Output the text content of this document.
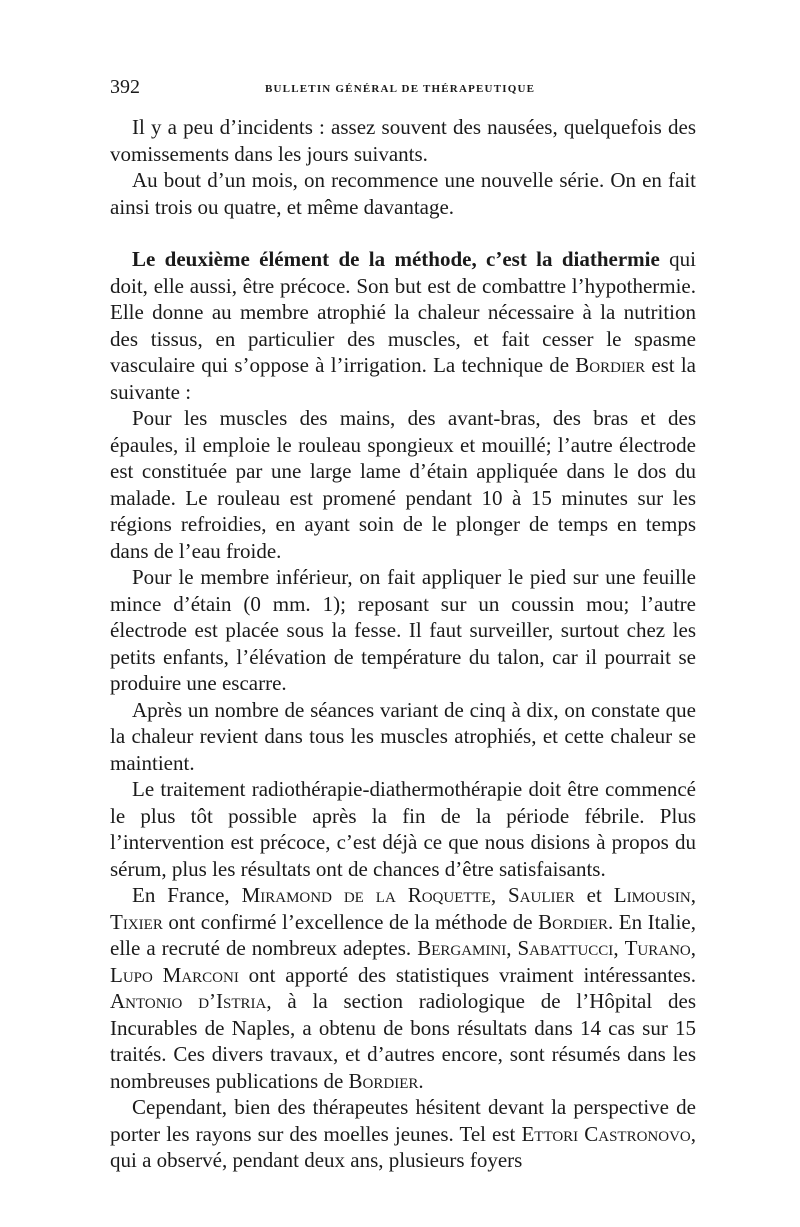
392	BULLETIN GÉNÉRAL DE THÉRAPEUTIQUE

Il y a peu d’incidents : assez souvent des nausées, quelquefois des vomissements dans les jours suivants.

Au bout d’un mois, on recommence une nouvelle série. On en fait ainsi trois ou quatre, et même davantage.

Le deuxième élément de la méthode, c’est la diathermie qui doit, elle aussi, être précoce. Son but est de combattre l’hypothermie. Elle donne au membre atrophié la chaleur nécessaire à la nutrition des tissus, en particulier des muscles, et fait cesser le spasme vasculaire qui s’oppose à l’irrigation. La technique de Bordier est la suivante :

Pour les muscles des mains, des avant-bras, des bras et des épaules, il emploie le rouleau spongieux et mouillé; l’autre électrode est constituée par une large lame d’étain appliquée dans le dos du malade. Le rouleau est promené pendant 10 à 15 minutes sur les régions refroidies, en ayant soin de le plonger de temps en temps dans de l’eau froide.

Pour le membre inférieur, on fait appliquer le pied sur une feuille mince d’étain (0 mm. 1); reposant sur un coussin mou; l’autre électrode est placée sous la fesse. Il faut surveiller, surtout chez les petits enfants, l’élévation de température du talon, car il pourrait se produire une escarre.

Après un nombre de séances variant de cinq à dix, on constate que la chaleur revient dans tous les muscles atrophiés, et cette chaleur se maintient.

Le traitement radiothérapie-diathermothérapie doit être commencé le plus tôt possible après la fin de la période fébrile. Plus l’intervention est précoce, c’est déjà ce que nous disions à propos du sérum, plus les résultats ont de chances d’être satisfaisants.

En France, Miramond de la Roquette, Saulier et Limousin, Tixier ont confirmé l’excellence de la méthode de Bordier. En Italie, elle a recruté de nombreux adeptes. Bergamini, Sabattucci, Turano, Lupo Marconi ont apporté des statistiques vraiment intéressantes. Antonio d’Istria, à la section radiologique de l’Hôpital des Incurables de Naples, a obtenu de bons résultats dans 14 cas sur 15 traités. Ces divers travaux, et d’autres encore, sont résumés dans les nombreuses publications de Bordier.

Cependant, bien des thérapeutes hésitent devant la perspective de porter les rayons sur des moelles jeunes. Tel est Ettori Castronovo, qui a observé, pendant deux ans, plusieurs foyers
